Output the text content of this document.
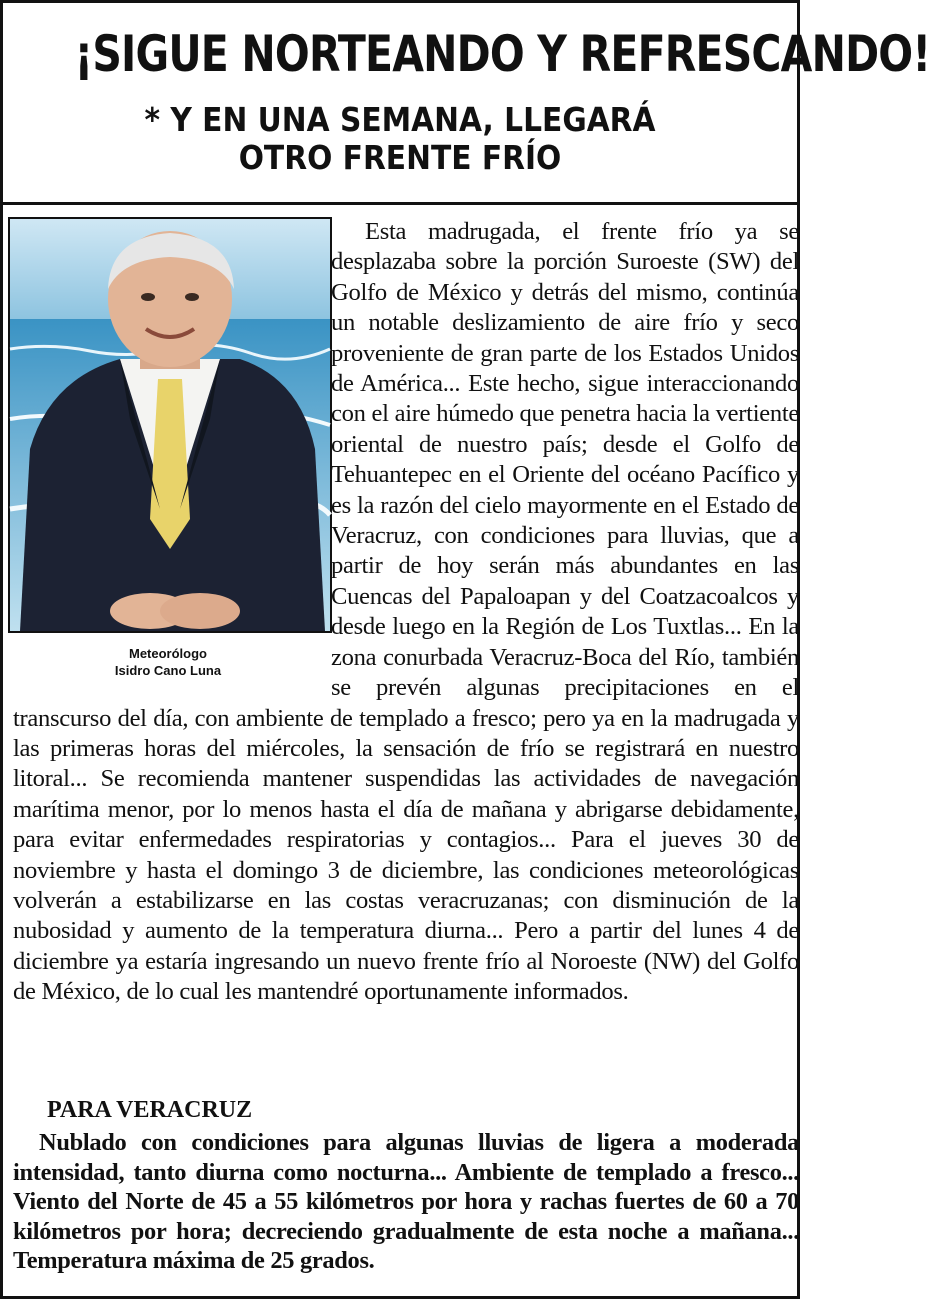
¡SIGUE NORTEANDO Y REFRESCANDO!
* Y EN UNA SEMANA, LLEGARÁ
OTRO FRENTE FRÍO
Meteorólogo
Isidro Cano Luna

Esta madrugada, el frente frío ya se desplazaba sobre la porción Suroeste (SW) del Golfo de México y detrás del mismo, continúa un notable deslizamiento de aire frío y seco proveniente de gran parte de los Estados Unidos de América... Este hecho, sigue interaccionando con el aire húmedo que penetra hacia la vertiente oriental de nuestro país; desde el Golfo de Tehuantepec en el Oriente del océano Pacífico y es la razón del cielo mayormente en el Estado de Veracruz, con condiciones para lluvias, que a partir de hoy serán más abundantes en las Cuencas del Papaloapan y del Coatzacoalcos y desde luego en la Región de Los Tuxtlas... En la zona conurbada Veracruz-Boca del Río, también se prevén algunas precipitaciones en el transcurso del día, con ambiente de templado a fresco; pero ya en la madrugada y las primeras horas del miércoles, la sensación de frío se registrará en nuestro litoral... Se recomienda mantener suspendidas las actividades de navegación marítima menor, por lo menos hasta el día de mañana y abrigarse debidamente, para evitar enfermedades respiratorias y contagios... Para el jueves 30 de noviembre y hasta el domingo 3 de diciembre, las condiciones meteorológicas volverán a estabilizarse en las costas veracruzanas; con disminución de la nubosidad y aumento de la temperatura diurna... Pero a partir del lunes 4 de diciembre ya estaría ingresando un nuevo frente frío al Noroeste (NW) del Golfo de México, de lo cual les mantendré oportunamente informados.

PARA VERACRUZ

Nublado con condiciones para algunas lluvias de ligera a moderada intensidad, tanto diurna como nocturna... Ambiente de templado a fresco... Viento del Norte de 45 a 55 kilómetros por hora y rachas fuertes de 60 a 70 kilómetros por hora; decreciendo gradualmente de esta noche a mañana... Temperatura máxima de 25 grados.
